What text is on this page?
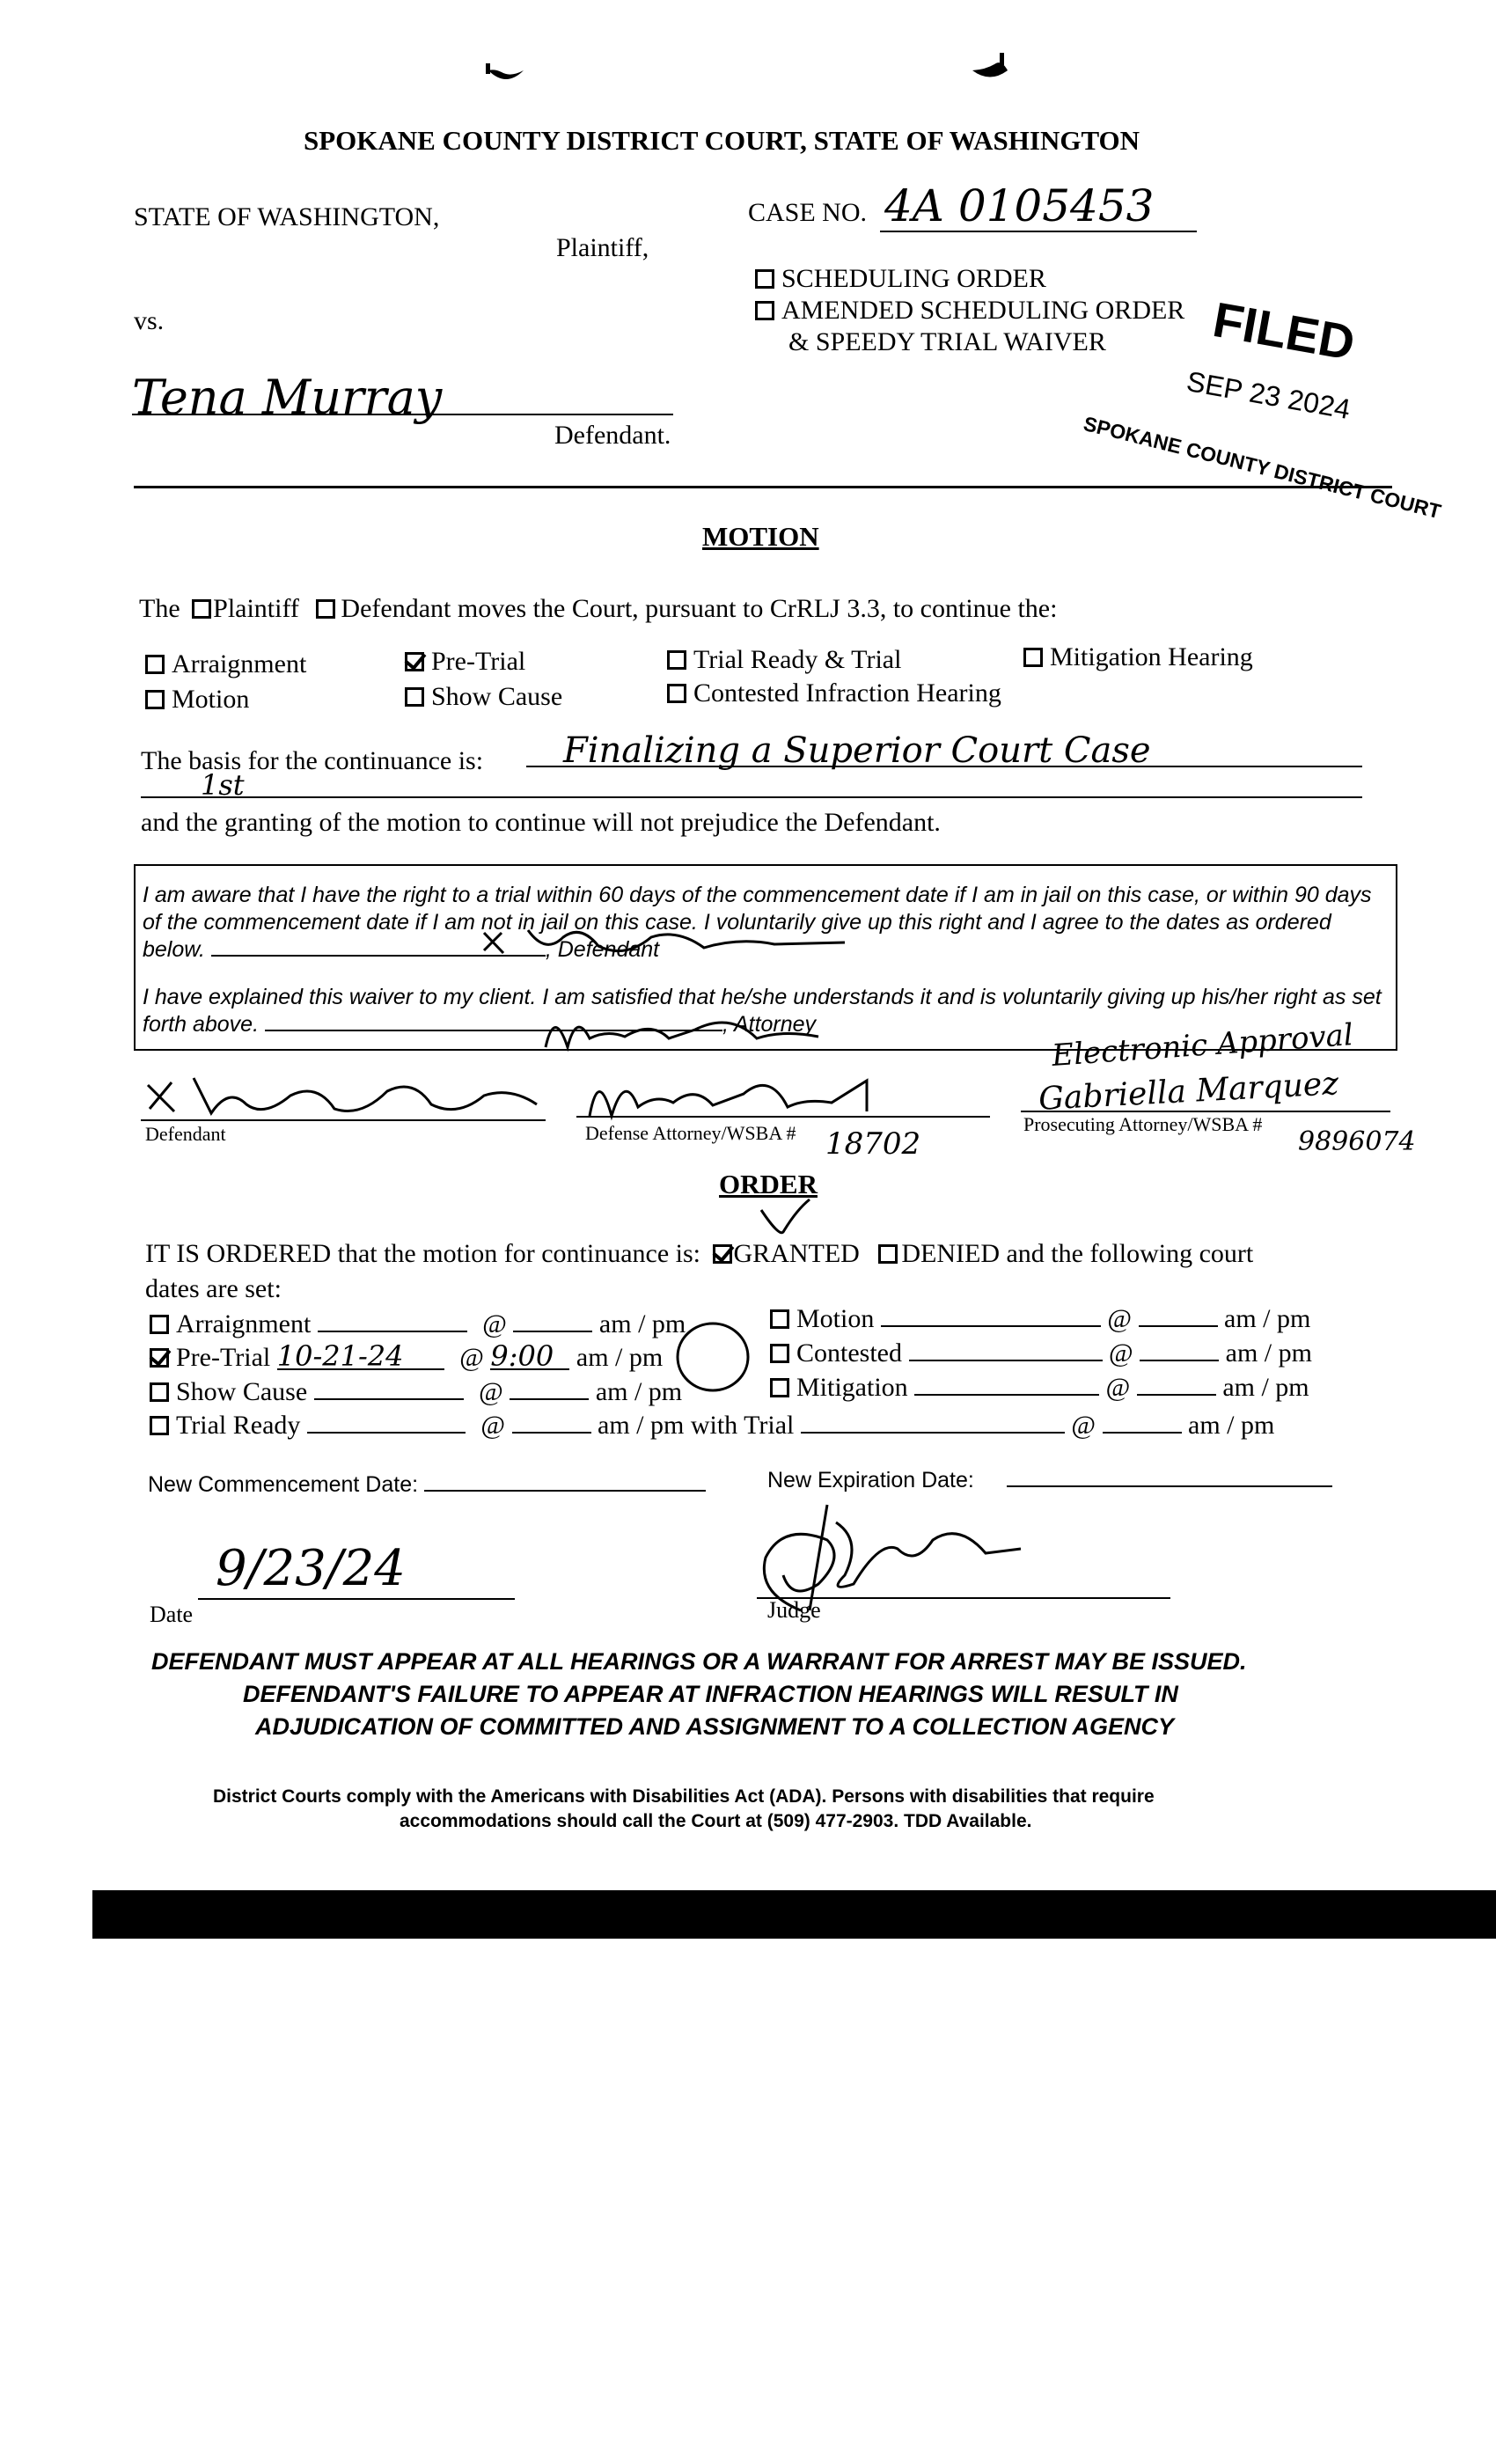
SPOKANE COUNTY DISTRICT COURT, STATE OF WASHINGTON
STATE OF WASHINGTON,
Plaintiff,
vs.
Tena Murray
Defendant.
CASE NO. 4A 0105453
SCHEDULING ORDER
AMENDED SCHEDULING ORDER
& SPEEDY TRIAL WAIVER FILED
SEP 23 2024
SPOKANE COUNTY DISTRICT COURT
MOTION
The Plaintiff Defendant moves the Court, pursuant to CrRLJ 3.3, to continue the:
Arraignment	Pre-Trial	Trial Ready & Trial	Mitigation Hearing
Motion	Show Cause	Contested Infraction Hearing
The basis for the continuance is: Finalizing a Superior Court Case
1st
and the granting of the motion to continue will not prejudice the Defendant.
I am aware that I have the right to a trial within 60 days of the commencement date if I am in jail on this case, or within 90 days of the commencement date if I am not in jail on this case. I voluntarily give up this right and I agree to the dates as ordered below.	, Defendant
I have explained this waiver to my client. I am satisfied that he/she understands it and is voluntarily giving up his/her right as set forth above.	, Attorney
Defendant	Defense Attorney/WSBA # 18702
Electronic Approval
Gabriella Marquez
Prosecuting Attorney/WSBA #
9896074
ORDER
IT IS ORDERED that the motion for continuance is: GRANTED DENIED and the following court
dates are set:
Arraignment	@	am / pm
Pre-Trial 10-21-24 @ 9:00 am / pm
Show Cause	@	am / pm
Trial Ready	@	am / pm with Trial	@	am / pm
Motion	@	am / pm
Contested	@	am / pm
Mitigation	@	am / pm
New Commencement Date:	New Expiration Date:
9/23/24
Date	Judge
DEFENDANT MUST APPEAR AT ALL HEARINGS OR A WARRANT FOR ARREST MAY BE ISSUED.
DEFENDANT'S FAILURE TO APPEAR AT INFRACTION HEARINGS WILL RESULT IN
ADJUDICATION OF COMMITTED AND ASSIGNMENT TO A COLLECTION AGENCY
District Courts comply with the Americans with Disabilities Act (ADA). Persons with disabilities that require
accommodations should call the Court at (509) 477-2903. TDD Available.
